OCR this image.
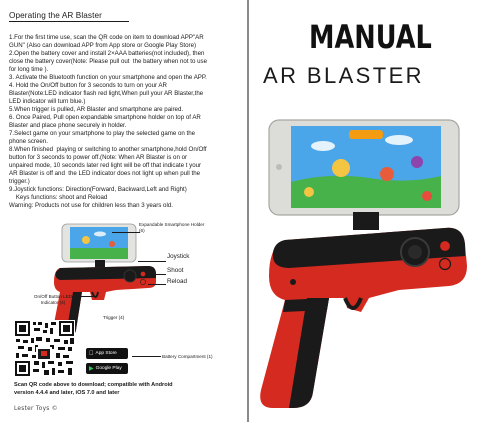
Operating the AR Blaster
1.For the first time use, scan the QR code on item to download APP"AR
GUN" (Also can download APP from App store or Google Play Store)
2.Open the battery cover and install 2×AAA batteries(not included), then
close the battery cover(Note: Please pull out  the battery when not to use
for long time ).
3. Activate the Bluetooth function on your smartphone and open the APP.
4. Hold the On/Off button for 3 seconds to turn on your AR
Blaster(Note:LED indicator flash red light,When pull your AR Blaster,the
LED indicator will turn blue.)
5.When trigger is pulled, AR Blaster and smartphone are paired.
6. Once Paired, Pull open expandable smartphone holder on top of AR
Blaster and place phone securely in holder.
7.Select game on your smartphone to play the selected game on the
phone screen.
8.When finished  playing or switching to another smartphone,hold On/Off
button for 3 seconds to power off.(Note: When AR Blaster is on or
unpaired mode, 10 seconds later red light will be off that indicate t your
AR Blaster is off and  the LED indicator does not light up when pull the
trigger.)
9.Joystick functions: Direction(Forward, Backward,Left and Right)
Keys functions: shoot and Reload
Warning: Products not use for children less than 3 years old.
Expandable Smartphone Holder (6)
Joystick
Shoot
Reload
On/Off Button LED Indicator (4)
Trigger (4)
Battery Compartment (1)
App Store
▶ Google Play
Scan QR code above to download; compatible with Android version 4.4.4 and later, iOS 7.0 and later
Lester Toys ©
MANUAL
AR BLASTER
